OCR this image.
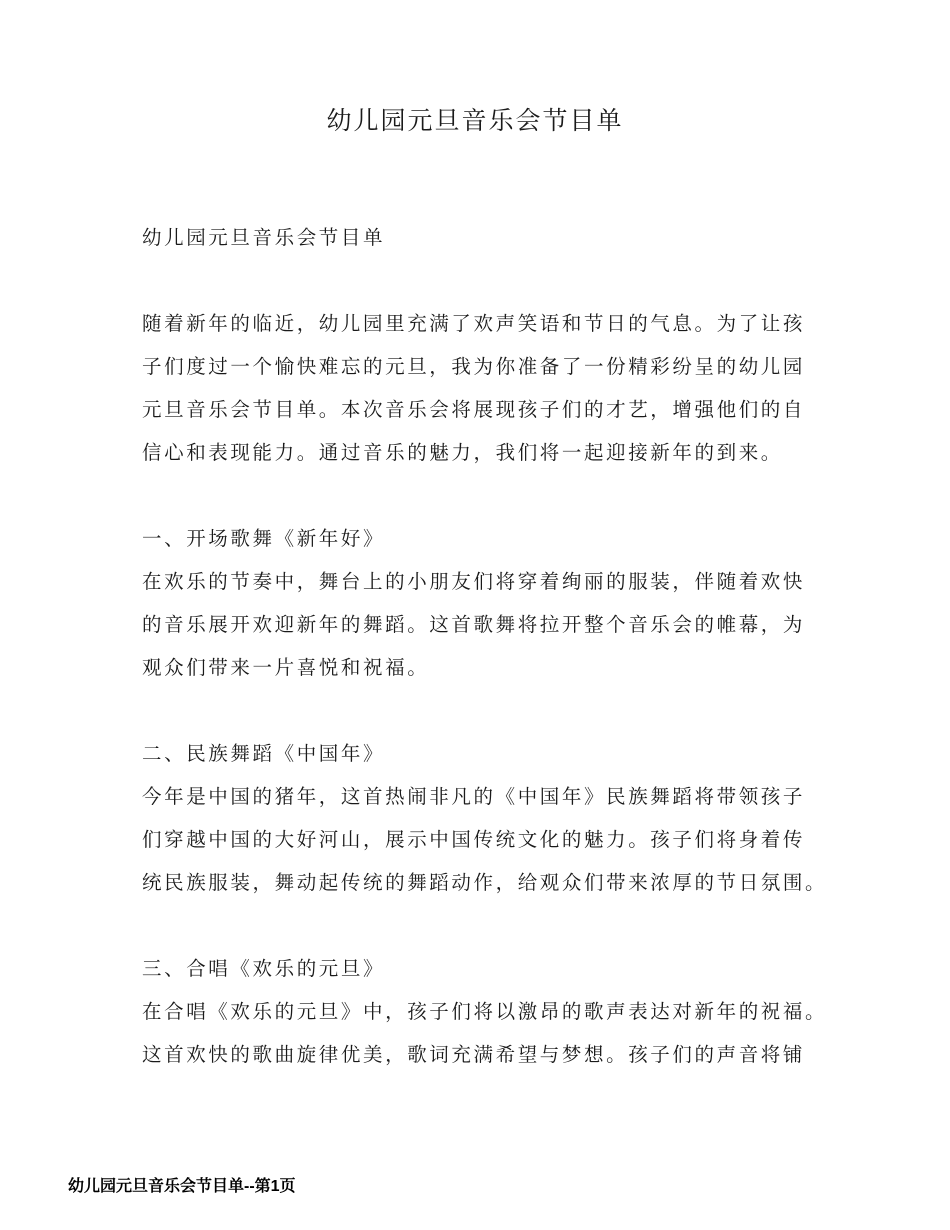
幼儿园元旦音乐会节目单

幼儿园元旦音乐会节目单

随着新年的临近，幼儿园里充满了欢声笑语和节日的气息。为了让孩

子们度过一个愉快难忘的元旦，我为你准备了一份精彩纷呈的幼儿园

元旦音乐会节目单。本次音乐会将展现孩子们的才艺，增强他们的自

信心和表现能力。通过音乐的魅力，我们将一起迎接新年的到来。

一、开场歌舞《新年好》

在欢乐的节奏中，舞台上的小朋友们将穿着绚丽的服装，伴随着欢快

的音乐展开欢迎新年的舞蹈。这首歌舞将拉开整个音乐会的帷幕，为

观众们带来一片喜悦和祝福。

二、民族舞蹈《中国年》

今年是中国的猪年，这首热闹非凡的《中国年》民族舞蹈将带领孩子

们穿越中国的大好河山，展示中国传统文化的魅力。孩子们将身着传

统民族服装，舞动起传统的舞蹈动作，给观众们带来浓厚的节日氛围。

三、合唱《欢乐的元旦》

在合唱《欢乐的元旦》中，孩子们将以激昂的歌声表达对新年的祝福。

这首欢快的歌曲旋律优美，歌词充满希望与梦想。孩子们的声音将铺

幼儿园元旦音乐会节目单--第1页
